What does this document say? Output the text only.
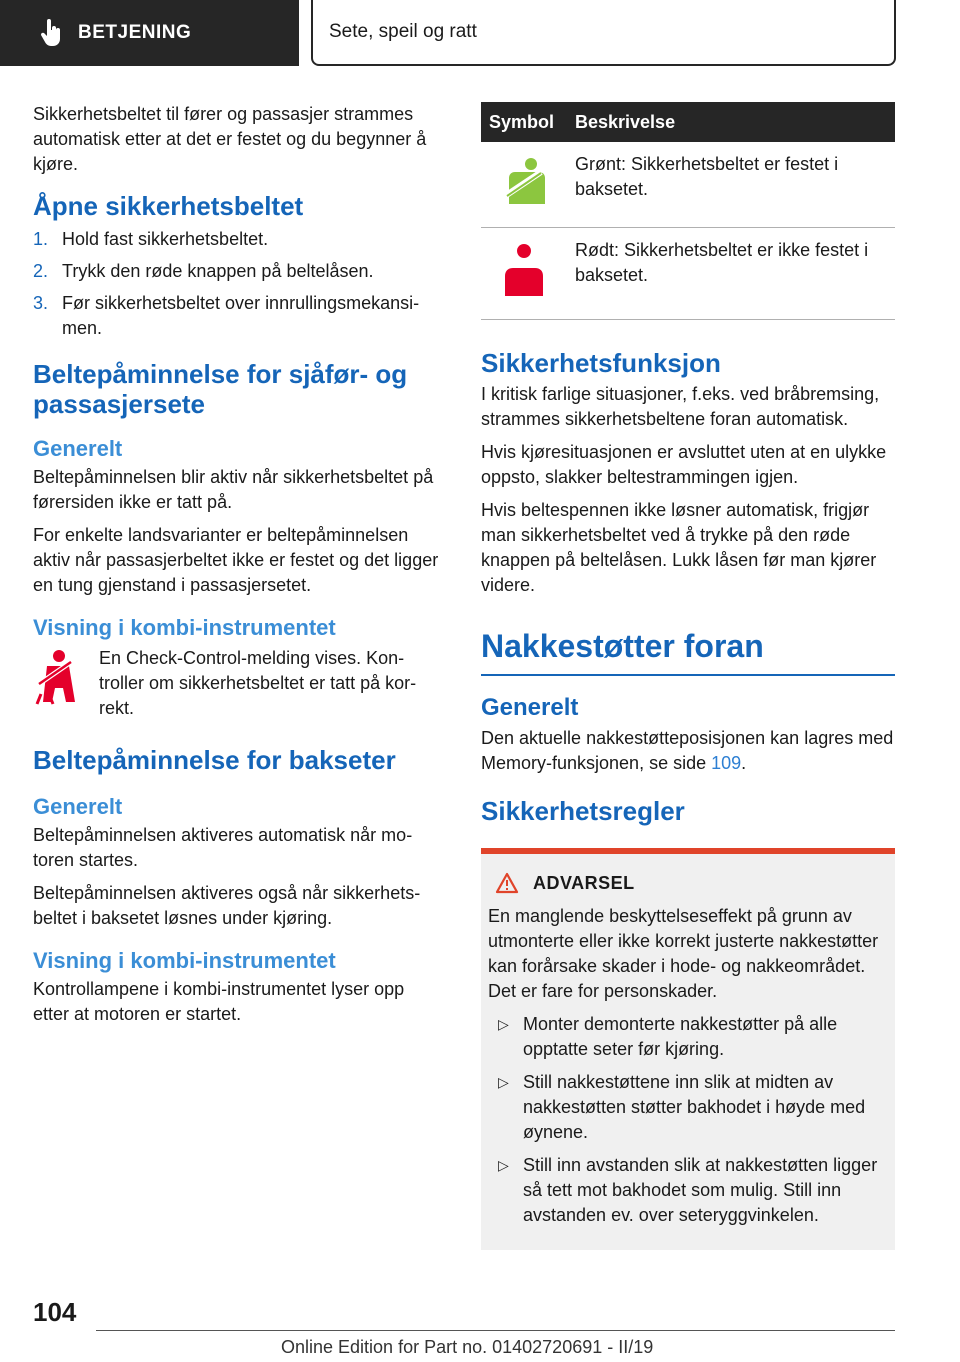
BETJENING	Sete, speil og ratt

Sikkerhetsbeltet til fører og passasjer strammes automatisk etter at det er festet og du begynner å kjøre.

Åpne sikkerhetsbeltet
1. Hold fast sikkerhetsbeltet.
2. Trykk den røde knappen på beltelåsen.
3. Før sikkerhetsbeltet over innrullingsmekansimen.
Beltepåminnelse for sjåfør- og passasjersete
Generelt

Beltepåminnelsen blir aktiv når sikkerhetsbeltet på førersiden ikke er tatt på.

For enkelte landsvarianter er beltepåminnelsen aktiv når passasjerbeltet ikke er festet og det ligger en tung gjenstand i passasjersetet.

Visning i kombi-instrumentet

En Check-Control-melding vises. Kontroller om sikkerhetsbeltet er tatt på korrekt.

Beltepåminnelse for bakseter
Generelt

Beltepåminnelsen aktiveres automatisk når motoren startes.

Beltepåminnelsen aktiveres også når sikkerhetsbeltet i baksetet løsnes under kjøring.

Visning i kombi-instrumentet

Kontrollampene i kombi-instrumentet lyser opp etter at motoren er startet.

Symbol	Beskrivelse
	Grønt: Sikkerhetsbeltet er festet i baksetet.
	Rødt: Sikkerhetsbeltet er ikke festet i baksetet.
Sikkerhetsfunksjon

I kritisk farlige situasjoner, f.eks. ved bråbremsing, strammes sikkerhetsbeltene foran automatisk.

Hvis kjøresituasjonen er avsluttet uten at en ulykke oppsto, slakker beltestrammingen igjen.

Hvis beltespennen ikke løsner automatisk, frigjør man sikkerhetsbeltet ved å trykke på den røde knappen på beltelåsen. Lukk låsen før man kjører videre.

Nakkestøtter foran
Generelt

Den aktuelle nakkestøtteposisjonen kan lagres med Memory-funksjonen, se side 109.

Sikkerhetsregler
ADVARSEL

En manglende beskyttelseseffekt på grunn av utmonterte eller ikke korrekt justerte nakkestøtter kan forårsake skader i hode- og nakkeområdet. Det er fare for personskader.

▷ Monter demonterte nakkestøtter på alle opptatte seter før kjøring.
▷ Still nakkestøttene inn slik at midten av nakkestøtten støtter bakhodet i høyde med øynene.
▷ Still inn avstanden slik at nakkestøtten ligger så tett mot bakhodet som mulig. Still inn avstanden ev. over seteryggvinkelen.
104
Online Edition for Part no. 01402720691 - II/19
